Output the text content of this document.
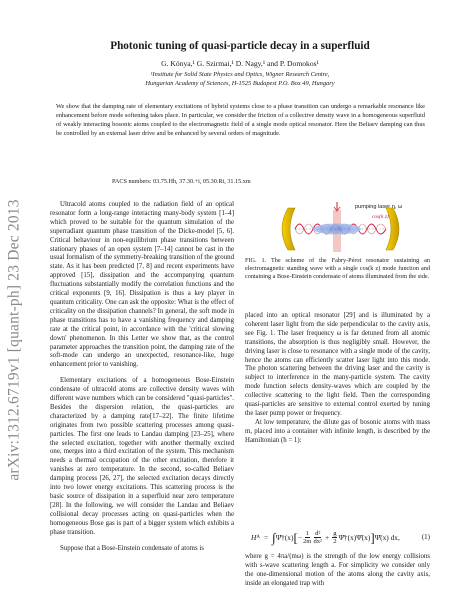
arXiv:1312.6719v1 [quant-ph] 23 Dec 2013
Photonic tuning of quasi-particle decay in a superfluid
G. Kónya,¹ G. Szirmai,¹ D. Nagy,¹ and P. Domokos¹
¹Institute for Solid State Physics and Optics, Wigner Research Centre,
Hungarian Academy of Sciences, H-1525 Budapest P.O. Box 49, Hungary

We show that the damping rate of elementary excitations of hybrid systems close to a phase transition can undergo a remarkable resonance like enhancement before mode softening takes place. In particular, we consider the friction of a collective density wave in a homogeneous superfluid of weakly interacting bosonic atoms coupled to the electromagnetic field of a single mode optical resonator. Here the Beliaev damping can thus be controlled by an external laser drive and be enhanced by several orders of magnitude.

PACS numbers: 03.75.Hh, 37.30.+i, 05.30.Rt, 31.15.xm

Ultracold atoms coupled to the radiation field of an optical resonator form a long-range interacting many-body system [1–4] which proved to be suitable for the quantum simulation of the superradiant quantum phase transition of the Dicke-model [5, 6]. Critical behaviour in non-equilibrium phase transitions between stationary phases of an open system [7–14] cannot be cast in the usual formalism of the symmetry-breaking transition of the ground state. As it has been predicted [7, 8] and recent experiments have approved [15], dissipation and the accompanying quantum fluctuations substantially modify the correlation functions and the critical exponents [9, 16]. Dissipation is thus a key player in quantum criticality. One can ask the opposite: What is the effect of criticality on the dissipation channels? In general, the soft mode in phase transitions has to have a vanishing frequency and damping rate at the critical point, in accordance with the 'critical slowing down' phenomenon. In this Letter we show that, as the control parameter approaches the transition point, the damping rate of the soft-mode can undergo an unexpected, resonance-like, huge enhancement prior to vanishing.

Elementary excitations of a homogeneous Bose-Einstein condensate of ultracold atoms are collective density waves with different wave numbers which can be considered "quasi-particles". Besides the dispersion relation, the quasi-particles are characterized by a damping rate[17–22]. The finite lifetime originates from two possible scattering processes among quasi-particles. The first one leads to Landau damping [23–25], where the selected excitation, together with another thermally excited one, merges into a third excitation of the system. This mechanism needs a thermal occupation of the other excitation, therefore it vanishes at zero temperature. In the second, so-called Beliaev damping process [26, 27], the selected excitation decays directly into two lower energy excitations. This scattering process is the basic source of dissipation in a superfluid near zero temperature [28]. In the following, we will consider the Landau and Beliaev collisional decay processes acting on quasi-particles when the homogeneous Bose gas is part of a bigger system which exhibits a phase transition.

Suppose that a Bose-Einstein condensate of atoms is

pumping laser η, ω
cos(k z)

FIG. 1. The scheme of the Fabry-Pérot resonator sustaining an electromagnetic standing wave with a single cos(k z) mode function and containing a Bose-Einstein condensate of atoms illuminated from the side.

placed into an optical resonator [29] and is illuminated by a coherent laser light from the side perpendicular to the cavity axis, see Fig. 1. The laser frequency ω is far detuned from all atomic transitions, the absorption is thus negligibly small. However, the driving laser is close to resonance with a single mode of the cavity, hence the atoms can efficiently scatter laser light into this mode. The photon scattering between the driving laser and the cavity is subject to interference in the many-particle system. The cavity mode function selects density-waves which are coupled by the collective scattering to the light field. Then the corresponding quasi-particles are sensitive to external control exerted by tuning the laser pump power or frequency.

At low temperature, the dilute gas of bosonic atoms with mass m, placed into a container with infinite length, is described by the Hamiltonian (ħ = 1):

H A = ∫ Ψ̂†(x) [ − $\frac{1}{2m} \frac{\text{d²}}{\text{dx²}} + \frac{g}{2}$ Ψ̂†(x)Ψ̂(x) ] Ψ̂(x) dx,	(1)

where g = 4πa/(mω) is the strength of the low energy collisions with s-wave scattering length a. For simplicity we consider only the one-dimensional motion of the atoms along the cavity axis, inside an elongated trap with
